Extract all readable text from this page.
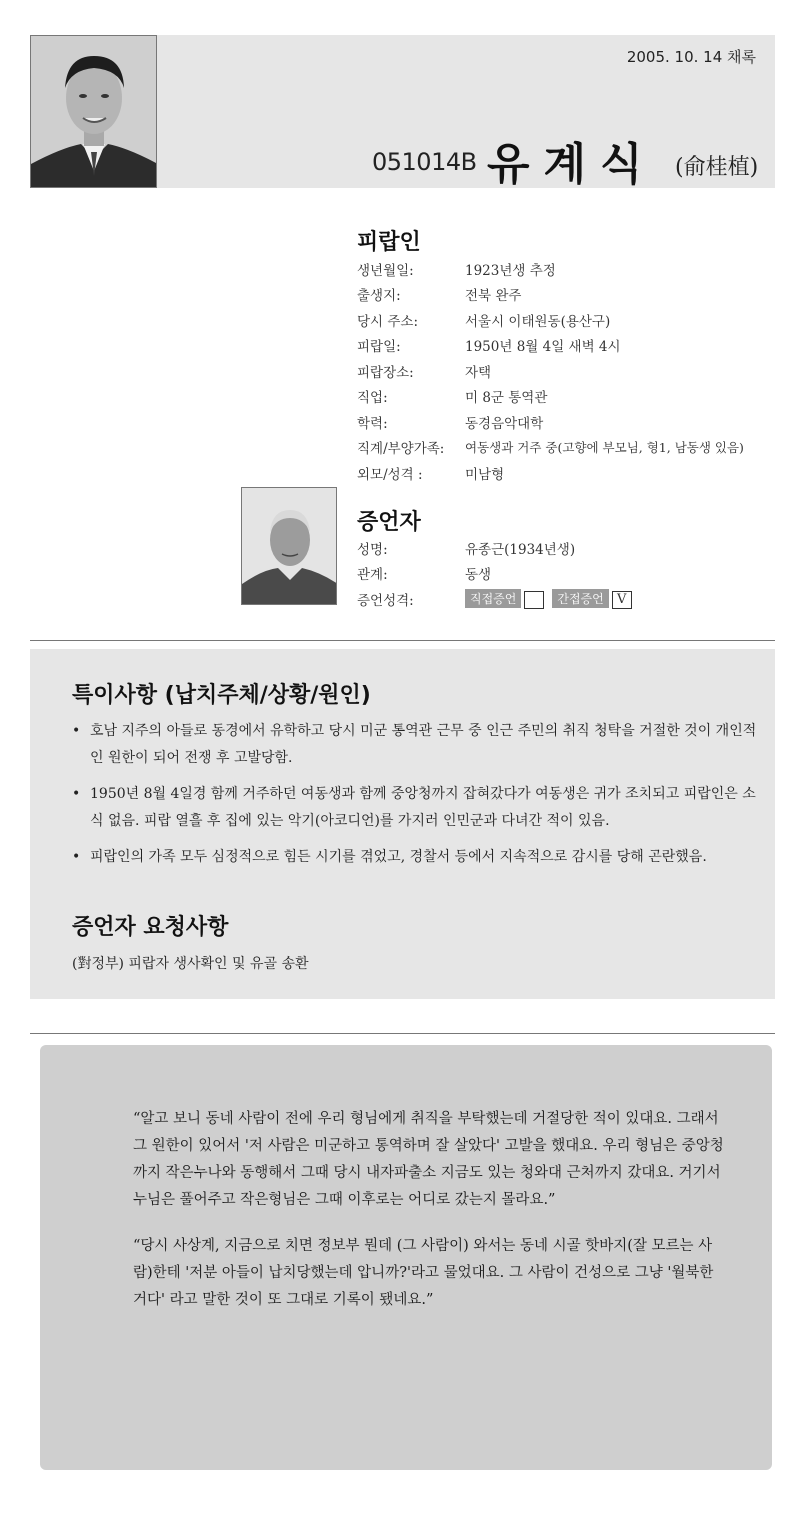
2005. 10. 14 채록
051014B 유계식 (俞桂植)
피랍인
생년월일:	1923년생 추정
출생지:	전북 완주
당시 주소:	서울시 이태원동(용산구)
피랍일:	1950년 8월 4일 새벽 4시
피랍장소:	자택
직업:	미 8군 통역관
학력:	동경음악대학
직계/부양가족:	여동생과 거주 중(고향에 부모님, 형1, 남동생 있음)
외모/성격 :	미남형
증언자
성명:	유종근(1934년생)
관계:	동생
증언성격:	직접증언	간접증언 V
특이사항 (납치주체/상황/원인)
• 호남 지주의 아들로 동경에서 유학하고 당시 미군 통역관 근무 중 인근 주민의 취직 청탁을 거절한 것이 개인적인 원한이 되어 전쟁 후 고발당함.
• 1950년 8월 4일경 함께 거주하던 여동생과 함께 중앙청까지 잡혀갔다가 여동생은 귀가 조치되고 피랍인은 소식 없음. 피랍 열흘 후 집에 있는 악기(아코디언)를 가지러 인민군과 다녀간 적이 있음.
• 피랍인의 가족 모두 심정적으로 힘든 시기를 겪었고, 경찰서 등에서 지속적으로 감시를 당해 곤란했음.
증언자 요청사항
(對정부) 피랍자 생사확인 및 유골 송환

“알고 보니 동네 사람이 전에 우리 형님에게 취직을 부탁했는데 거절당한 적이 있대요. 그래서 그 원한이 있어서 '저 사람은 미군하고 통역하며 잘 살았다' 고발을 했대요. 우리 형님은 중앙청까지 작은누나와 동행해서 그때 당시 내자파출소 지금도 있는 청와대 근처까지 갔대요. 거기서 누님은 풀어주고 작은형님은 그때 이후로는 어디로 갔는지 몰라요.”

“당시 사상계, 지금으로 치면 정보부 뭔데 (그 사람이) 와서는 동네 시골 핫바지(잘 모르는 사람)한테 '저분 아들이 납치당했는데 압니까?'라고 물었대요. 그 사람이 건성으로 그냥 '월북한 거다' 라고 말한 것이 또 그대로 기록이 됐네요.”
